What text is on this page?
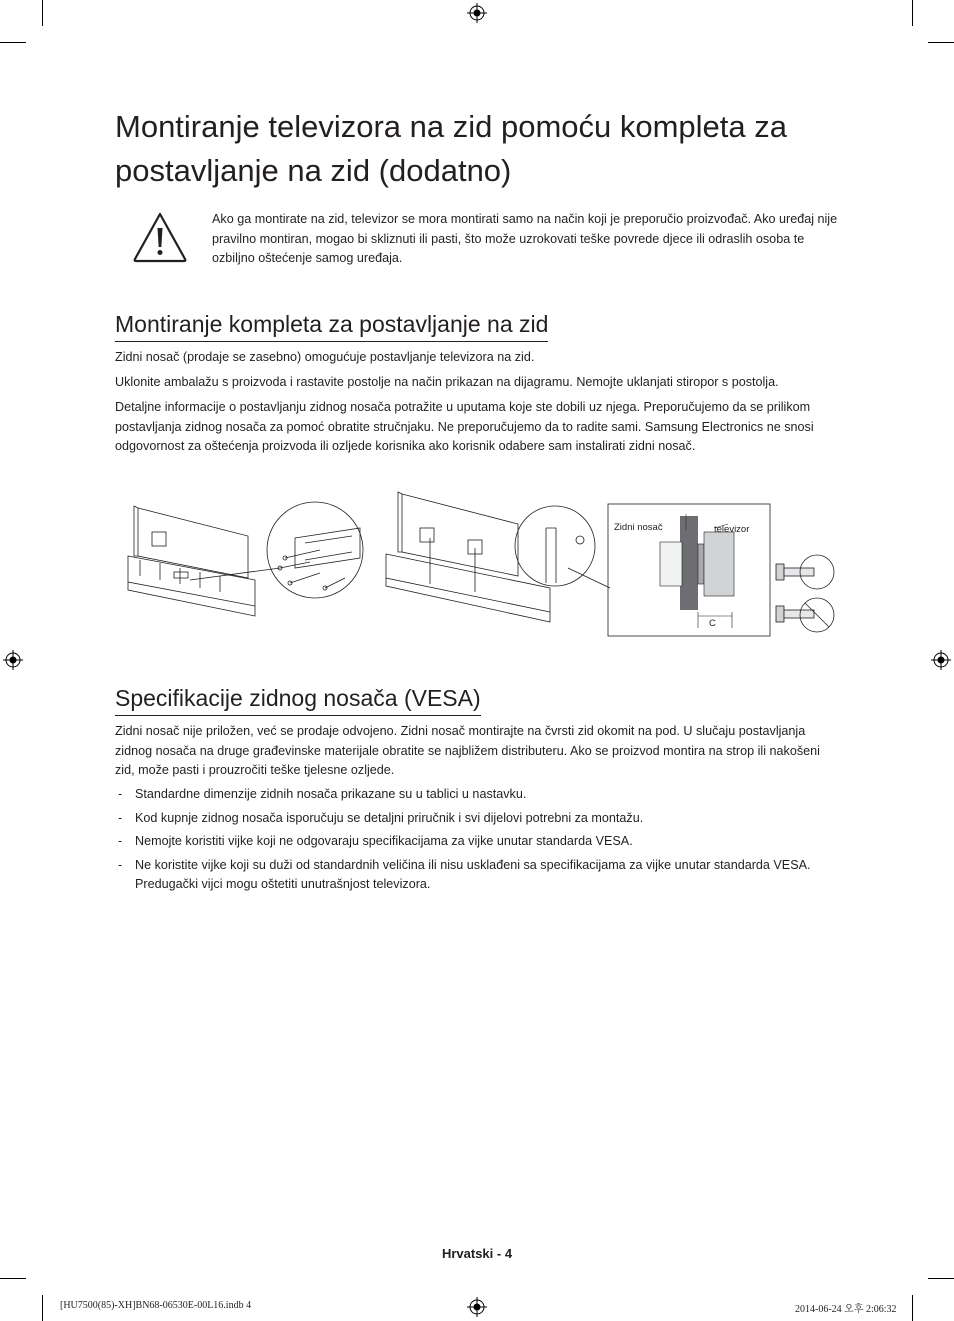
Montiranje televizora na zid pomoću kompleta za postavljanje na zid (dodatno)

Ako ga montirate na zid, televizor se mora montirati samo na način koji je preporučio proizvođač. Ako uređaj nije pravilno montiran, mogao bi skliznuti ili pasti, što može uzrokovati teške povrede djece ili odraslih osoba te ozbiljno oštećenje samog uređaja.

Montiranje kompleta za postavljanje na zid

Zidni nosač (prodaje se zasebno) omogućuje postavljanje televizora na zid.

Uklonite ambalažu s proizvoda i rastavite postolje na način prikazan na dijagramu. Nemojte uklanjati stiropor s postolja.

Detaljne informacije o postavljanju zidnog nosača potražite u uputama koje ste dobili uz njega. Preporučujemo da se prilikom postavljanja zidnog nosača za pomoć obratite stručnjaku. Ne preporučujemo da to radite sami. Samsung Electronics ne snosi odgovornost za oštećenja proizvoda ili ozljede korisnika ako korisnik odabere sam instalirati zidni nosač.

Zidni nosač	televizor
C
Specifikacije zidnog nosača (VESA)

Zidni nosač nije priložen, već se prodaje odvojeno. Zidni nosač montirajte na čvrsti zid okomit na pod. U slučaju postavljanja zidnog nosača na druge građevinske materijale obratite se najbližem distributeru. Ako se proizvod montira na strop ili nakošeni zid, može pasti i prouzročiti teške tjelesne ozljede.

- Standardne dimenzije zidnih nosača prikazane su u tablici u nastavku.
- Kod kupnje zidnog nosača isporučuju se detaljni priručnik i svi dijelovi potrebni za montažu.
- Nemojte koristiti vijke koji ne odgovaraju specifikacijama za vijke unutar standarda VESA.
- Ne koristite vijke koji su duži od standardnih veličina ili nisu usklađeni sa specifikacijama za vijke unutar standarda VESA. Predugački vijci mogu oštetiti unutrašnjost televizora.
Hrvatski - 4
[HU7500(85)-XH]BN68-06530E-00L16.indb 4	2014-06-24 오후 2:06:32
